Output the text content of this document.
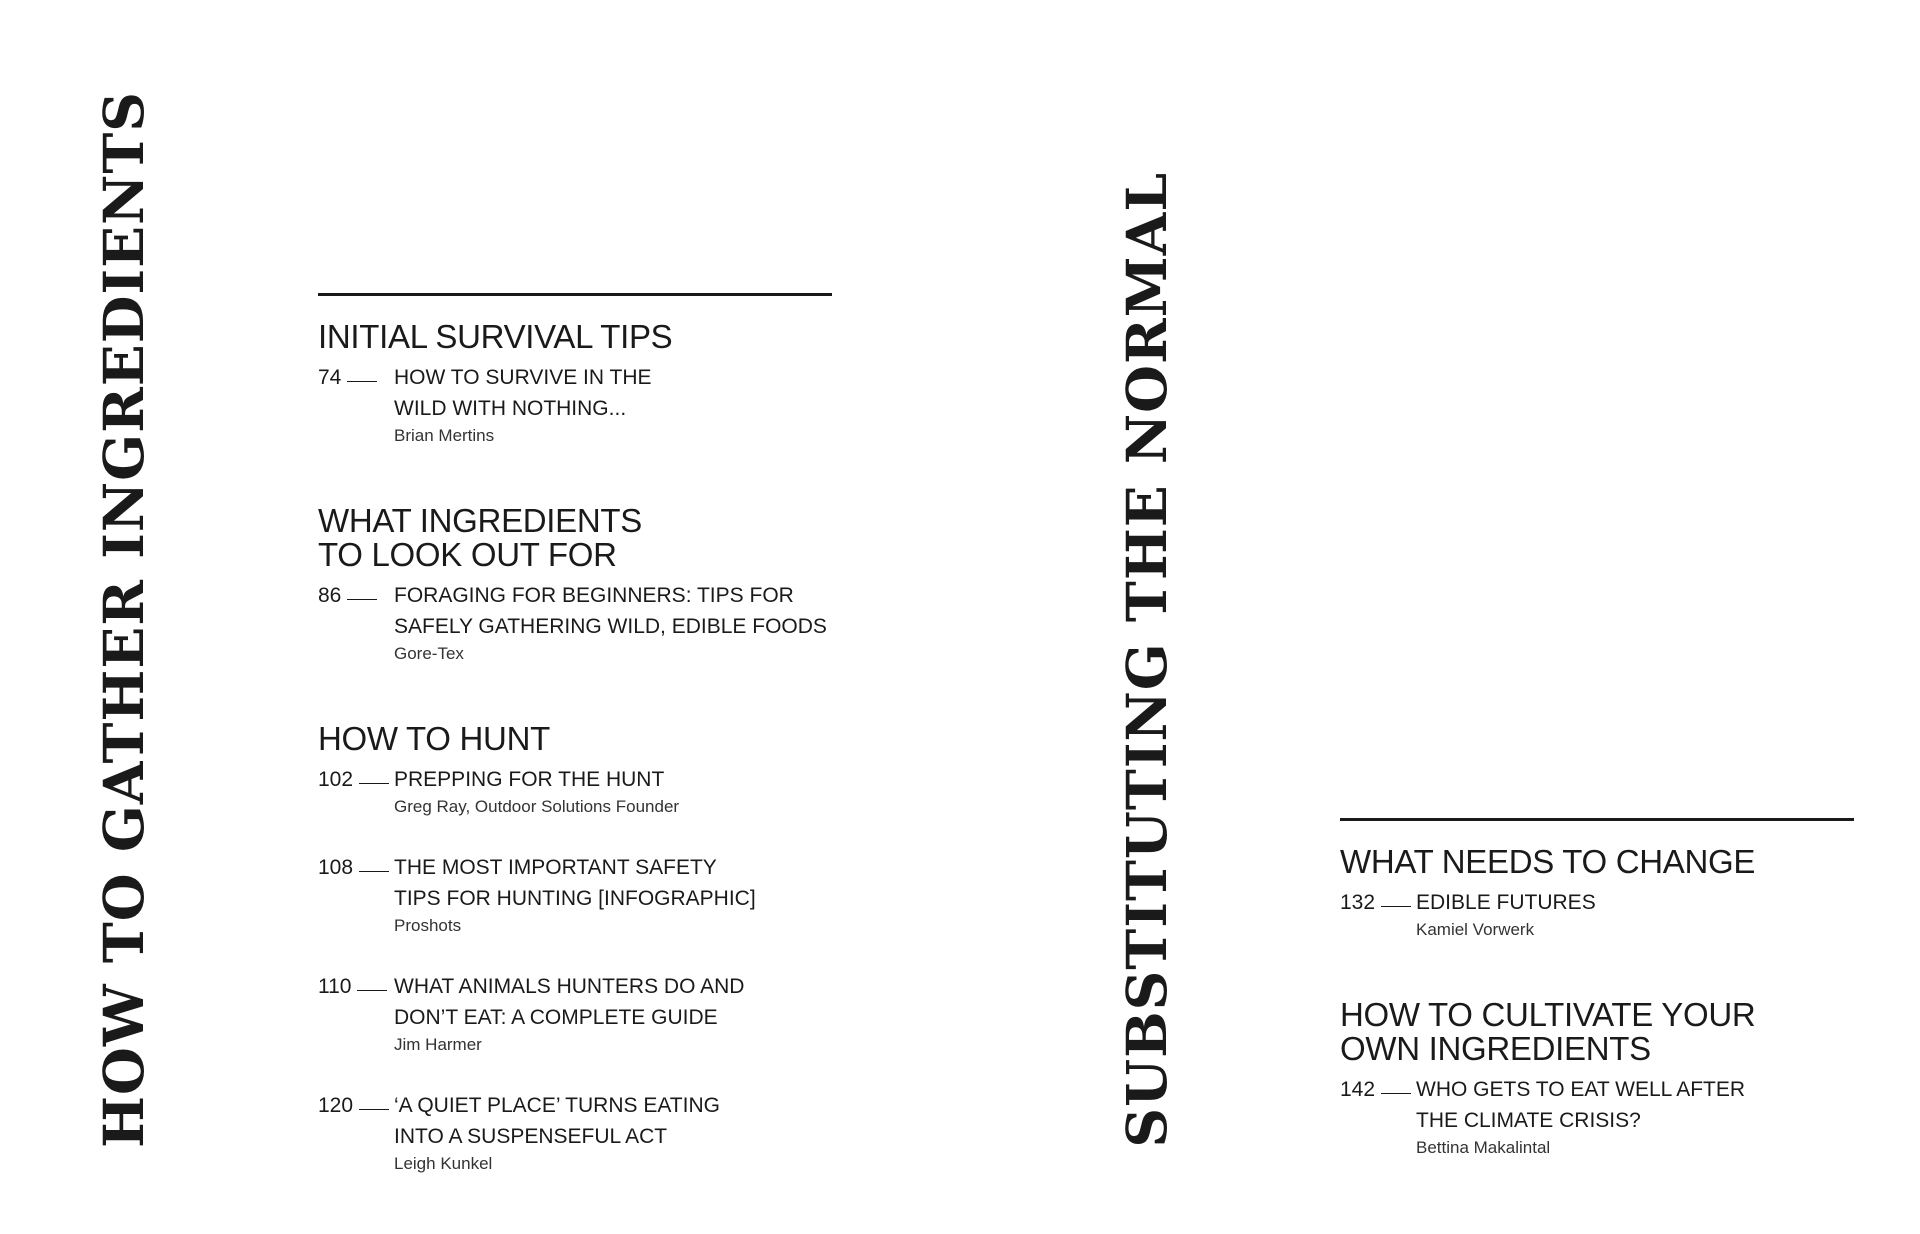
HOW TO GATHER INGREDIENTS	INITIAL SURVIVAL TIPS
74	HOW TO SURVIVE IN THE
WILD WITH NOTHING...
Brian Mertins
WHAT INGREDIENTS
TO LOOK OUT FOR
86	FORAGING FOR BEGINNERS: TIPS FOR
SAFELY GATHERING WILD, EDIBLE FOODS
Gore-Tex
HOW TO HUNT
102	PREPPING FOR THE HUNT
Greg Ray, Outdoor Solutions Founder
108	THE MOST IMPORTANT SAFETY
TIPS FOR HUNTING [INFOGRAPHIC]
Proshots
110	WHAT ANIMALS HUNTERS DO AND
DON’T EAT: A COMPLETE GUIDE
Jim Harmer
120	‘A QUIET PLACE’ TURNS EATING
INTO A SUSPENSEFUL ACT
Leigh Kunkel
SUBSTITUTING THE NORMAL	WHAT NEEDS TO CHANGE
132	EDIBLE FUTURES
Kamiel Vorwerk
HOW TO CULTIVATE YOUR
OWN INGREDIENTS
142	WHO GETS TO EAT WELL AFTER
THE CLIMATE CRISIS?
Bettina Makalintal
